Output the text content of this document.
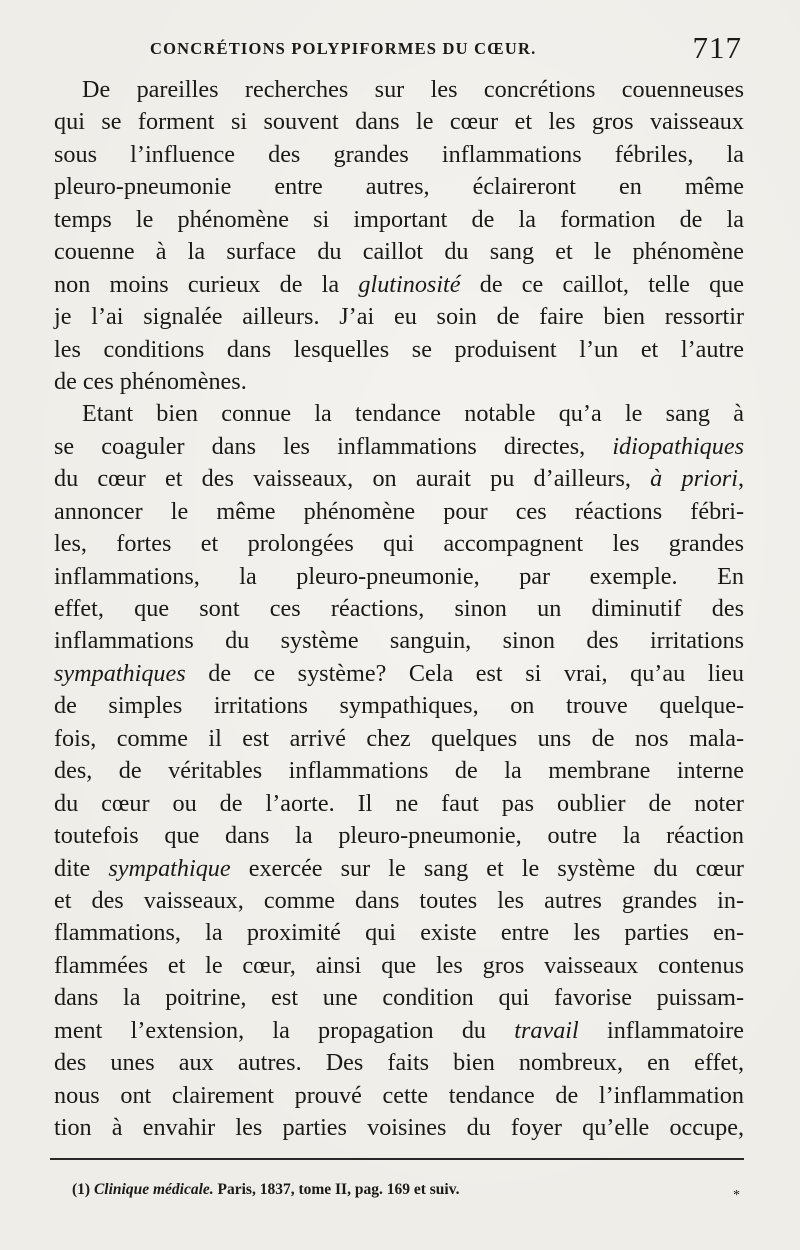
CONCRÉTIONS POLYPIFORMES DU CŒUR.	717
De pareilles recherches sur les concrétions couenneuses
qui se forment si souvent dans le cœur et les gros vaisseaux
sous l’influence des grandes inflammations fébriles, la
pleuro-pneumonie entre autres, éclaireront en même
temps le phénomène si important de la formation de la
couenne à la surface du caillot du sang et le phénomène
non moins curieux de la glutinosité de ce caillot, telle que
je l’ai signalée ailleurs. J’ai eu soin de faire bien ressortir
les conditions dans lesquelles se produisent l’un et l’autre
de ces phénomènes.
Etant bien connue la tendance notable qu’a le sang à
se coaguler dans les inflammations directes, idiopathiques
du cœur et des vaisseaux, on aurait pu d’ailleurs, à priori,
annoncer le même phénomène pour ces réactions fébri-
les, fortes et prolongées qui accompagnent les grandes
inflammations, la pleuro-pneumonie, par exemple. En
effet, que sont ces réactions, sinon un diminutif des
inflammations du système sanguin, sinon des irritations
sympathiques de ce système? Cela est si vrai, qu’au lieu
de simples irritations sympathiques, on trouve quelque-
fois, comme il est arrivé chez quelques uns de nos mala-
des, de véritables inflammations de la membrane interne
du cœur ou de l’aorte. Il ne faut pas oublier de noter
toutefois que dans la pleuro-pneumonie, outre la réaction
dite sympathique exercée sur le sang et le système du cœur
et des vaisseaux, comme dans toutes les autres grandes in-
flammations, la proximité qui existe entre les parties en-
flammées et le cœur, ainsi que les gros vaisseaux contenus
dans la poitrine, est une condition qui favorise puissam-
ment l’extension, la propagation du travail inflammatoire
des unes aux autres. Des faits bien nombreux, en effet,
nous ont clairement prouvé cette tendance de l’inflammation
tion à envahir les parties voisines du foyer qu’elle occupe,
(1) Clinique médicale. Paris, 1837, tome II, pag. 169 et suiv.	*
